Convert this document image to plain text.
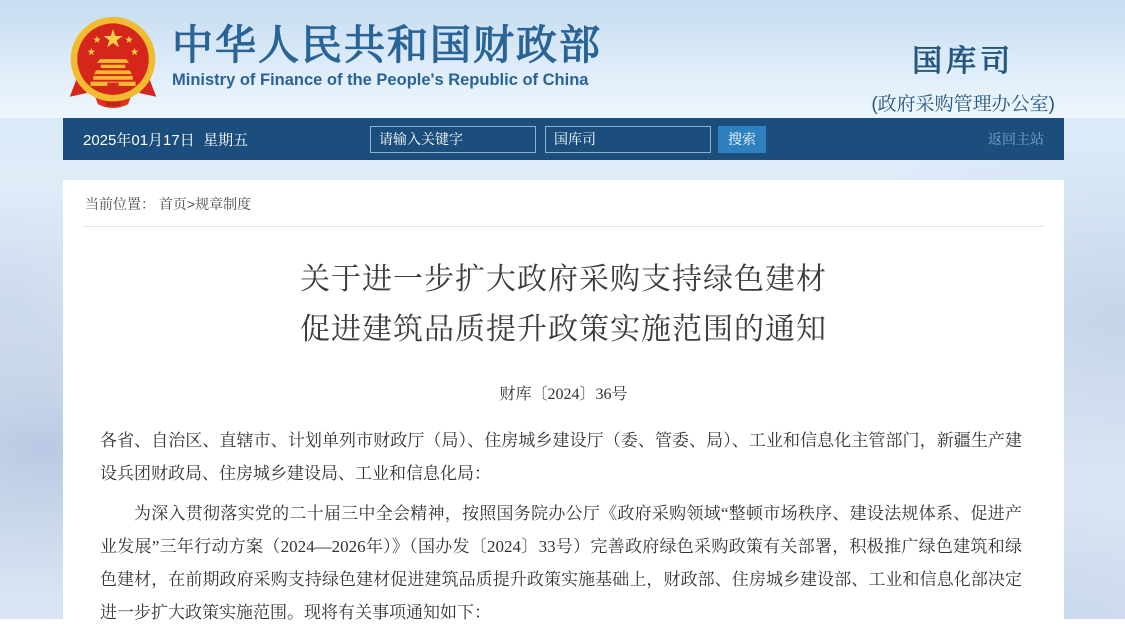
中华人民共和国财政部
Ministry of Finance of the People's Republic of China
国库司
(政府采购管理办公室)
2025年01月17日  星期五
请输入关键字
国库司	搜索	返回主站
当前位置： 首页>规章制度
关于进一步扩大政府采购支持绿色建材
促进建筑品质提升政策实施范围的通知
财库〔2024〕36号

各省、自治区、直辖市、计划单列市财政厅（局）、住房城乡建设厅（委、管委、局）、工业和信息化主管部门，新疆生产建设兵团财政局、住房城乡建设局、工业和信息化局：

为深入贯彻落实党的二十届三中全会精神，按照国务院办公厅《政府采购领域“整顿市场秩序、建设法规体系、促进产业发展”三年行动方案（2024—2026年）》（国办发〔2024〕33号）完善政府绿色采购政策有关部署，积极推广绿色建筑和绿色建材，在前期政府采购支持绿色建材促进建筑品质提升政策实施基础上，财政部、住房城乡建设部、工业和信息化部决定进一步扩大政策实施范围。现将有关事项通知如下：
